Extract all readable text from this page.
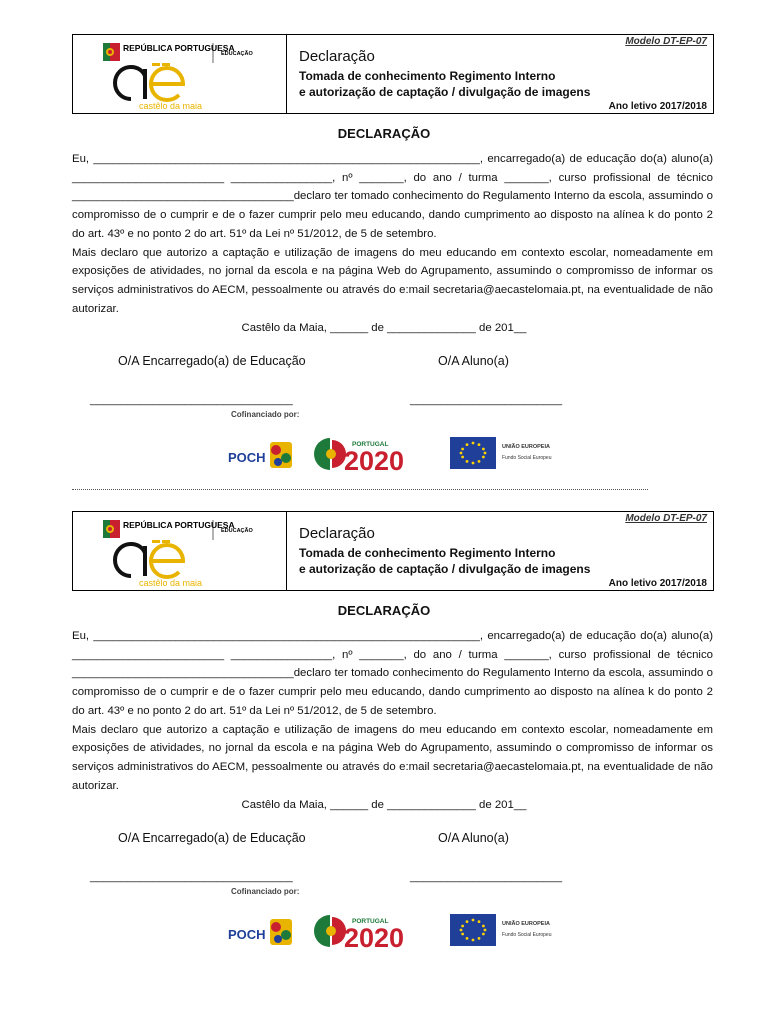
REPÚBLICA PORTUGUESA
EDUCAÇÃO
castêlo da maia
Modelo DT-EP-07
Declaração
Tomada de conhecimento Regimento Interno
e autorização de captação / divulgação de imagens
Ano letivo 2017/2018
DECLARAÇÃO

Eu, _____________________________________________________________, encarregado(a) de educação do(a) aluno(a) ________________________ ________________, nº _______, do ano / turma _______, curso profissional de técnico ___________________________________declaro ter tomado conhecimento do Regulamento Interno da escola, assumindo o compromisso de o cumprir e de o fazer cumprir pelo meu educando, dando cumprimento ao disposto na alínea k do ponto 2 do art. 43º e no ponto 2 do art. 51º da Lei nº 51/2012, de 5 de setembro.

Mais declaro que autorizo a captação e utilização de imagens do meu educando em contexto escolar, nomeadamente em exposições de atividades, no jornal da escola e na página Web do Agrupamento, assumindo o compromisso de informar os serviços administrativos do AECM, pessoalmente ou através do e:mail secretaria@aecastelomaia.pt, na eventualidade de não autorizar.

Castêlo da Maia, ______ de ______________ de 201__
O/A Encarregado(a) de Educação	O/A Aluno(a)
________________________________	________________________
Cofinanciado por:
POCH
PORTUGAL
2020	UNIÃO EUROPEIA
Fundo Social Europeu
REPÚBLICA PORTUGUESA
EDUCAÇÃO
castêlo da maia
Modelo DT-EP-07
Declaração
Tomada de conhecimento Regimento Interno
e autorização de captação / divulgação de imagens
Ano letivo 2017/2018
DECLARAÇÃO

Eu, _____________________________________________________________, encarregado(a) de educação do(a) aluno(a) ________________________ ________________, nº _______, do ano / turma _______, curso profissional de técnico ___________________________________declaro ter tomado conhecimento do Regulamento Interno da escola, assumindo o compromisso de o cumprir e de o fazer cumprir pelo meu educando, dando cumprimento ao disposto na alínea k do ponto 2 do art. 43º e no ponto 2 do art. 51º da Lei nº 51/2012, de 5 de setembro.

Mais declaro que autorizo a captação e utilização de imagens do meu educando em contexto escolar, nomeadamente em exposições de atividades, no jornal da escola e na página Web do Agrupamento, assumindo o compromisso de informar os serviços administrativos do AECM, pessoalmente ou através do e:mail secretaria@aecastelomaia.pt, na eventualidade de não autorizar.

Castêlo da Maia, ______ de ______________ de 201__
O/A Encarregado(a) de Educação	O/A Aluno(a)
________________________________	________________________
Cofinanciado por:
POCH
PORTUGAL
2020	UNIÃO EUROPEIA
Fundo Social Europeu
